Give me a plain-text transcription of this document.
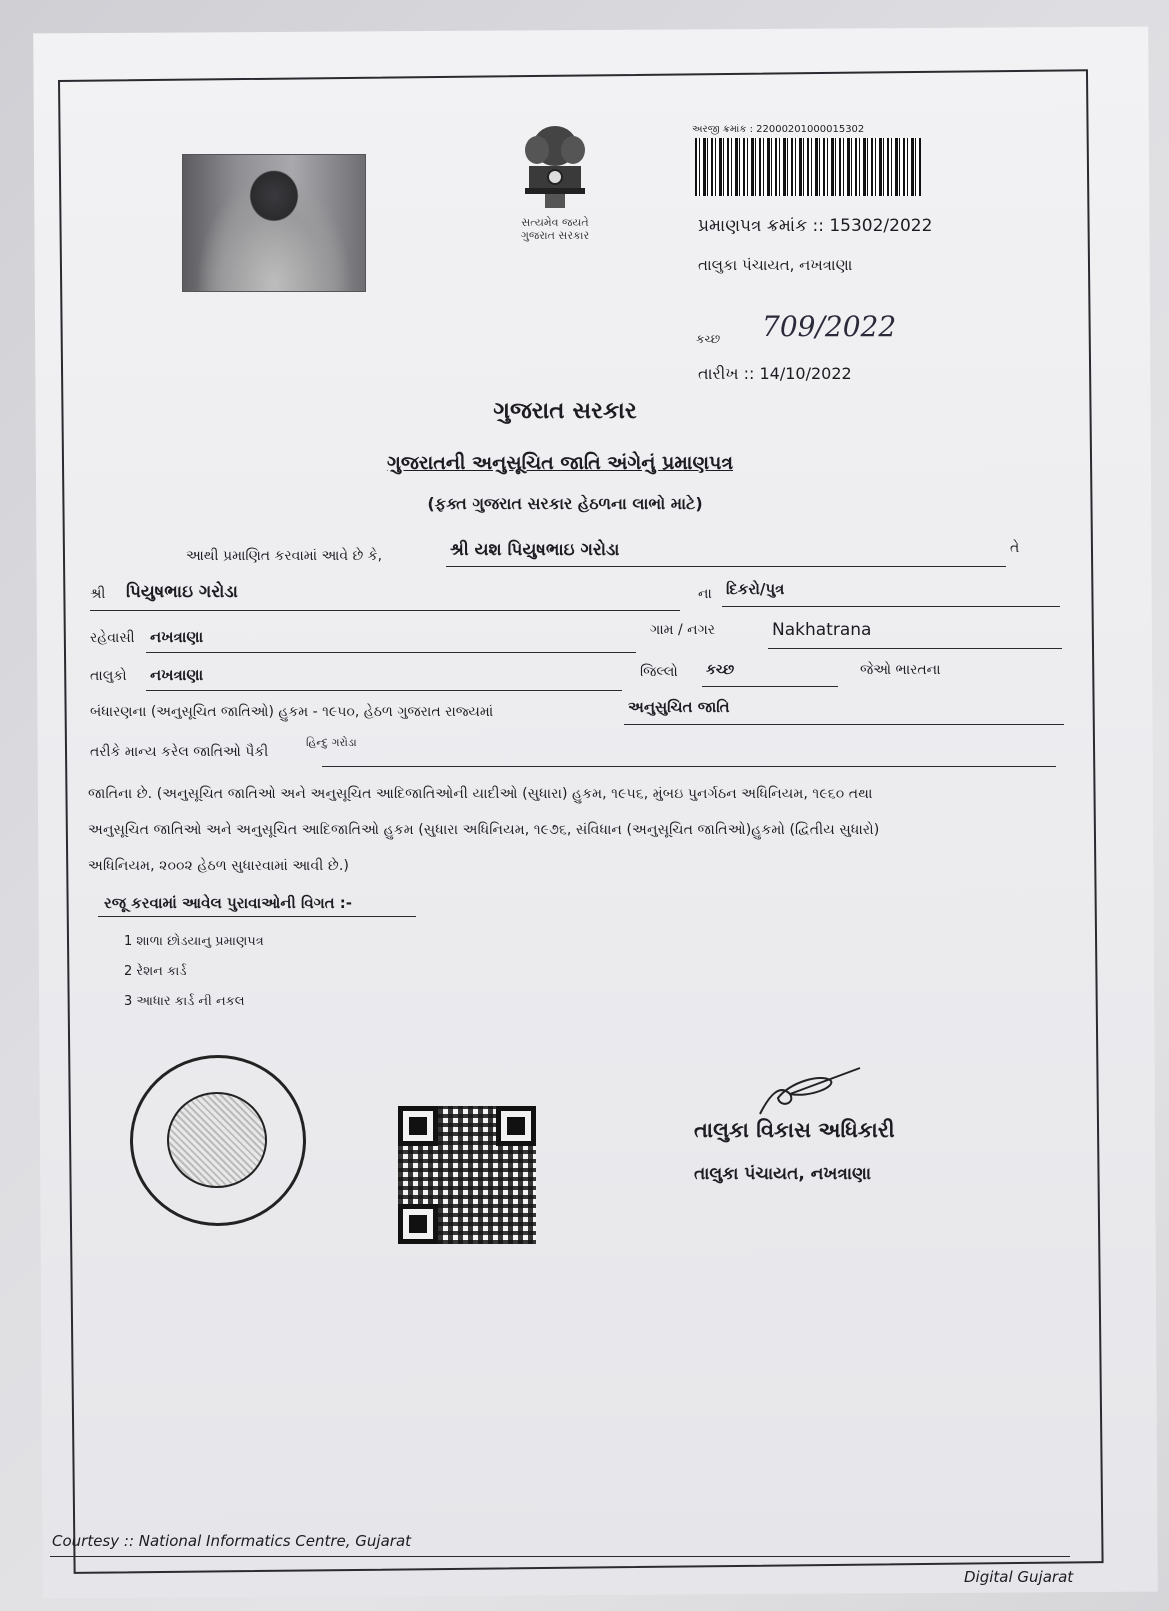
સત્યમેવ જયતે
ગુજરાત સરકાર
અરજી ક્રમાંક : 22000201000015302
પ્રમાણપત્ર ક્રમાંક :: 15302/2022
તાલુકા પંચાયત, નખત્રાણા
કચ્છ 709/2022
તારીખ :: 14/10/2022
ગુજરાત સરકાર
ગુજરાતની અનુસૂચિત જાતિ અંગેનું પ્રમાણપત્ર
(ફક્ત ગુજરાત સરકાર હેઠળના લાભો માટે)
આથી પ્રમાણિત કરવામાં આવે છે કે,	શ્રી યશ પિયુષભાઇ ગરોડા	તે
શ્રી પિયુષભાઇ ગરોડા	ના દિકરો/પુત્ર
રહેવાસી નખત્રાણા	ગામ / નગર	Nakhatrana
તાલુકો નખત્રાણા	જિલ્લો કચ્છ	જેઓ ભારતના
બંધારણના (અનુસૂચિત જાતિઓ) હુકમ - ૧૯૫૦, હેઠળ ગુજરાત રાજ્યમાં	અનુસુચિત જાતિ
તરીકે માન્ય કરેલ જાતિઓ પૈકી
હિન્દુ ગરોડા
જાતિના છે. (અનુસૂચિત જાતિઓ અને અનુસૂચિત આદિજાતિઓની યાદીઓ (સુધારા) હુકમ, ૧૯૫૬, મુંબઇ પુનર્ગઠન અધિનિયમ, ૧૯૬૦ તથા
અનુસૂચિત જાતિઓ અને અનુસૂચિત આદિજાતિઓ હુકમ (સુધારા અધિનિયમ, ૧૯૭૬, સંવિધાન (અનુસૂચિત જાતિઓ)હુકમો (દ્વિતીય સુધારો)
અધિનિયમ, ૨૦૦૨ હેઠળ સુધારવામાં આવી છે.)
રજૂ કરવામાં આવેલ પુરાવાઓની વિગત :-
1 શાળા છોડયાનુ પ્રમાણપત્ર
2 રેશન કાર્ડ
3 આધાર કાર્ડ ની નકલ
તાલુકા વિકાસ અધિકારી
તાલુકા પંચાયત, નખત્રાણા
Courtesy :: National Informatics Centre, Gujarat
Digital Gujarat
